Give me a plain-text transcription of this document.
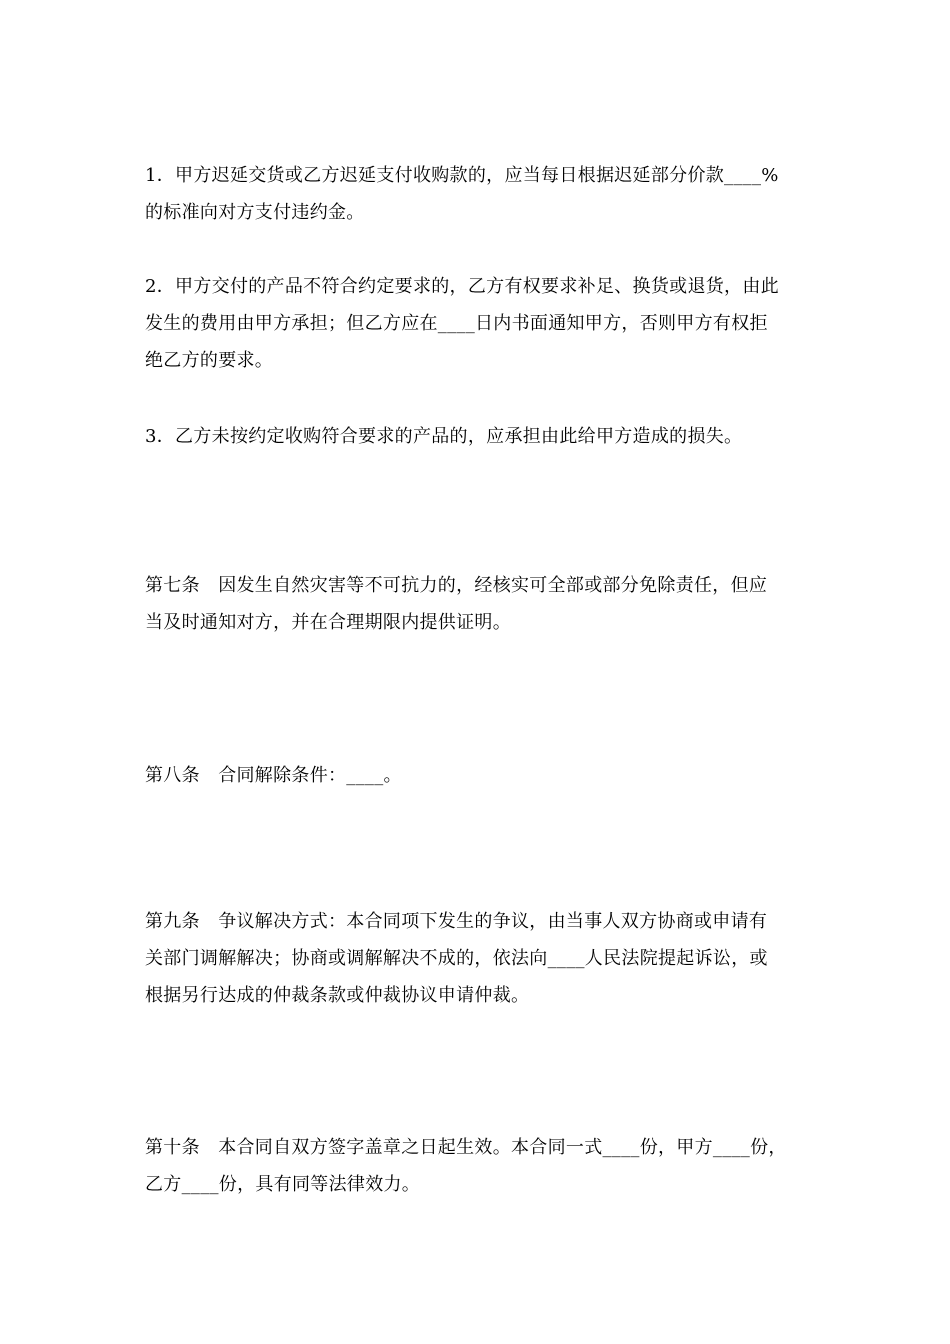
1．甲方迟延交货或乙方迟延支付收购款的，应当每日根据迟延部分价款____%
的标准向对方支付违约金。

2．甲方交付的产品不符合约定要求的，乙方有权要求补足、换货或退货，由此
发生的费用由甲方承担；但乙方应在____日内书面通知甲方，否则甲方有权拒
绝乙方的要求。

3．乙方未按约定收购符合要求的产品的，应承担由此给甲方造成的损失。

第七条　因发生自然灾害等不可抗力的，经核实可全部或部分免除责任，但应
当及时通知对方，并在合理期限内提供证明。

第八条　合同解除条件：____。

第九条　争议解决方式：本合同项下发生的争议，由当事人双方协商或申请有
关部门调解解决；协商或调解解决不成的，依法向____人民法院提起诉讼，或
根据另行达成的仲裁条款或仲裁协议申请仲裁。

第十条　本合同自双方签字盖章之日起生效。本合同一式____份，甲方____份，
乙方____份，具有同等法律效力。
